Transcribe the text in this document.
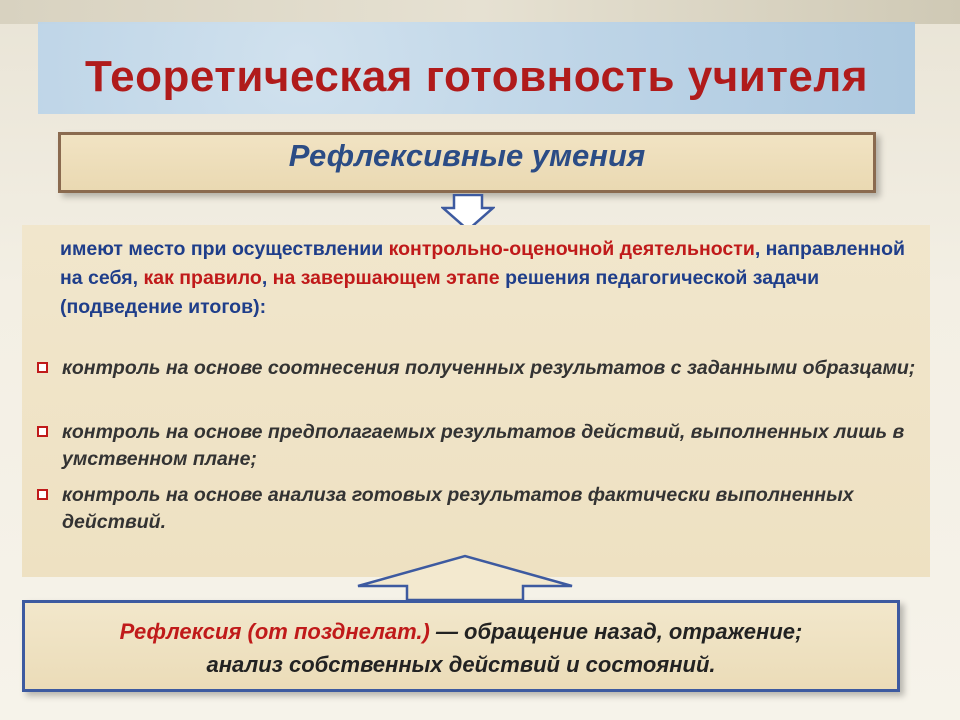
Теоретическая готовность учителя
Рефлексивные умения
имеют место при осуществлении контрольно-оценочной деятельности, направленной на себя, как правило, на завершающем этапе решения педагогической задачи (подведение итогов):
контроль на основе соотнесения полученных результатов с заданными образцами;
контроль на основе предполагаемых результатов действий, выполненных лишь в умственном плане;
контроль на основе анализа готовых результатов фактически выполненных действий.
Рефлексия (от позднелат.) — обращение назад, отражение;
анализ собственных действий и состояний.
